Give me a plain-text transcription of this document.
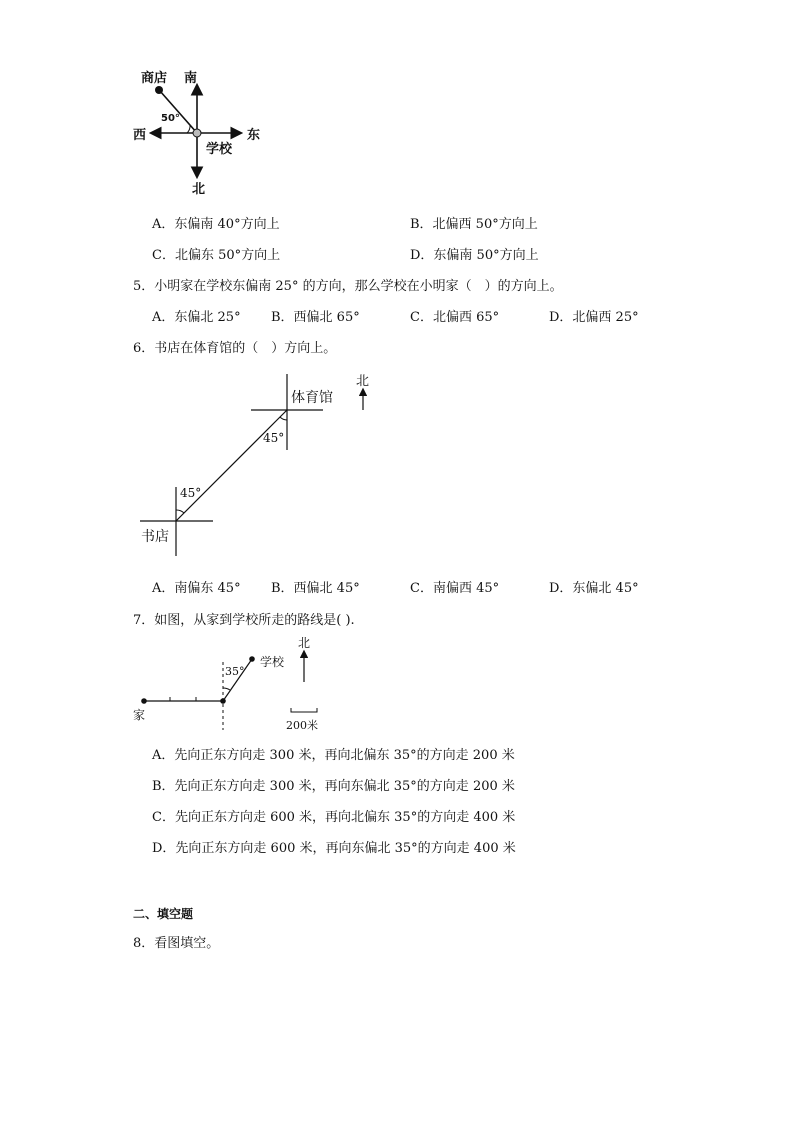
商店 南
西	东
北
学校
50°
A．东偏南 40°方向上	B．北偏西 50°方向上
C．北偏东 50°方向上	D．东偏南 50°方向上
5．小明家在学校东偏南 25° 的方向，那么学校在小明家（　）的方向上。
A．东偏北 25° B．西偏北 65°	C．北偏西 65°	D．北偏西 25°
6．书店在体育馆的（　）方向上。
北
体育馆
45°
45°
书店
A．南偏东 45° B．西偏北 45°	C．南偏西 45°	D．东偏北 45°
7．如图，从家到学校所走的路线是( ).
北
学校
35°
家
200米
A．先向正东方向走 300 米，再向北偏东 35°的方向走 200 米
B．先向正东方向走 300 米，再向东偏北 35°的方向走 200 米
C．先向正东方向走 600 米，再向北偏东 35°的方向走 400 米
D．先向正东方向走 600 米，再向东偏北 35°的方向走 400 米
二、填空题
8．看图填空。
